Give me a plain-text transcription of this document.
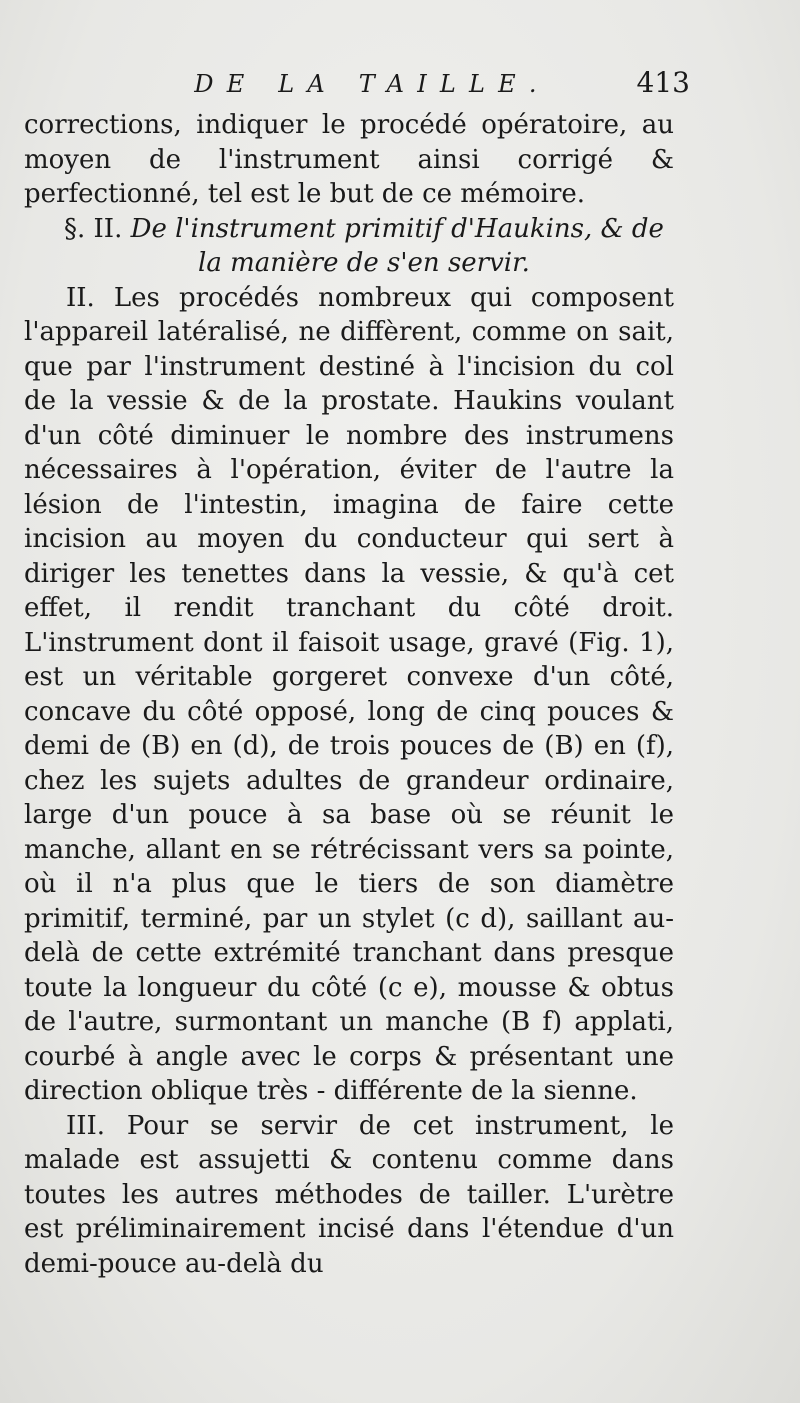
DE LA TAILLE.	413

corrections, indiquer le procédé opératoire, au moyen de l'instrument ainsi corrigé & perfectionné, tel est le but de ce mémoire.

§. II. De l'instrument primitif d'Haukins, & de
la manière de s'en servir.

II. Les procédés nombreux qui composent l'appareil latéralisé, ne diffèrent, comme on sait, que par l'instrument destiné à l'incision du col de la vessie & de la prostate. Haukins voulant d'un côté diminuer le nombre des instrumens nécessaires à l'opération, éviter de l'autre la lésion de l'intestin, imagina de faire cette incision au moyen du conducteur qui sert à diriger les tenettes dans la vessie, & qu'à cet effet, il rendit tranchant du côté droit. L'instrument dont il faisoit usage, gravé (Fig. 1), est un véritable gorgeret convexe d'un côté, concave du côté opposé, long de cinq pouces & demi de (B) en (d), de trois pouces de (B) en (f), chez les sujets adultes de grandeur ordinaire, large d'un pouce à sa base où se réunit le manche, allant en se rétrécissant vers sa pointe, où il n'a plus que le tiers de son diamètre primitif, terminé, par un stylet (c d), saillant au-delà de cette extrémité tranchant dans presque toute la longueur du côté (c e), mousse & obtus de l'autre, surmontant un manche (B f) applati, courbé à angle avec le corps & présentant une direction oblique très - différente de la sienne.

III. Pour se servir de cet instrument, le malade est assujetti & contenu comme dans toutes les autres méthodes de tailler. L'urètre est préliminairement incisé dans l'étendue d'un demi-pouce au-delà du
